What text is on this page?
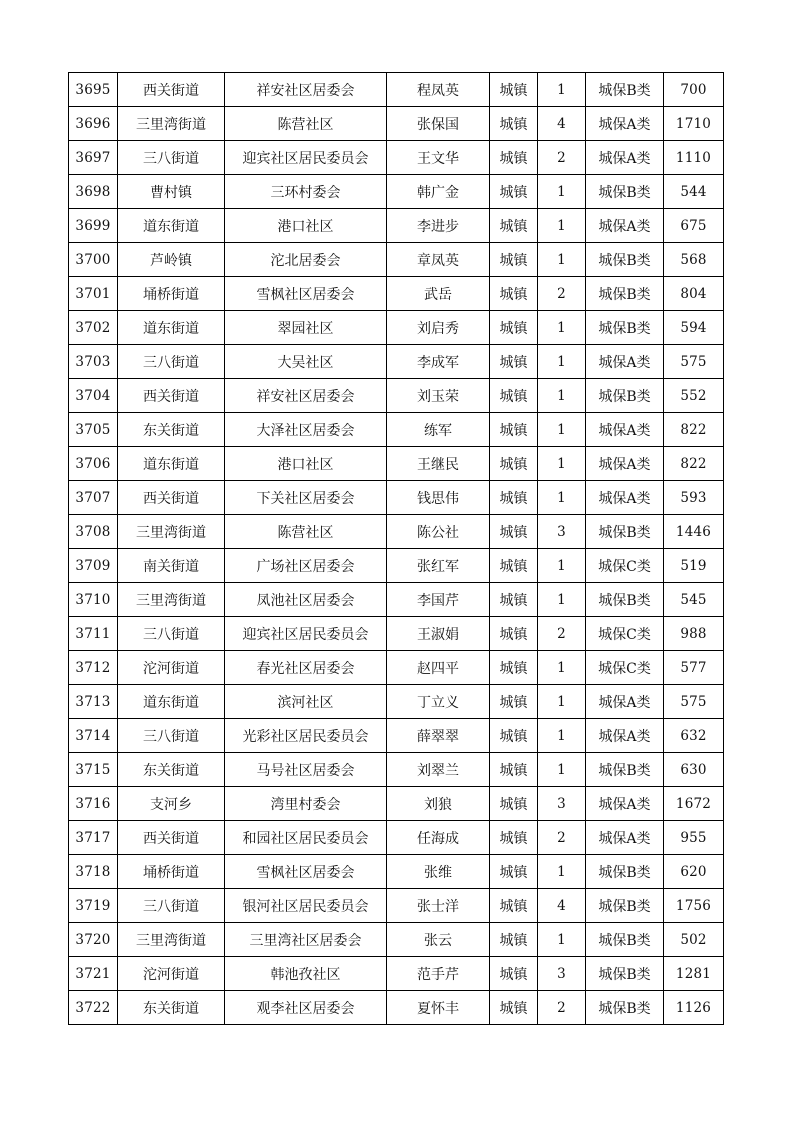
3695	西关街道	祥安社区居委会	程凤英	城镇	1	城保B类	700
3696	三里湾街道	陈营社区	张保国	城镇	4	城保A类	1710
3697	三八街道	迎宾社区居民委员会	王文华	城镇	2	城保A类	1110
3698	曹村镇	三环村委会	韩广金	城镇	1	城保B类	544
3699	道东街道	港口社区	李进步	城镇	1	城保A类	675
3700	芦岭镇	沱北居委会	章凤英	城镇	1	城保B类	568
3701	埇桥街道	雪枫社区居委会	武岳	城镇	2	城保B类	804
3702	道东街道	翠园社区	刘启秀	城镇	1	城保B类	594
3703	三八街道	大吴社区	李成军	城镇	1	城保A类	575
3704	西关街道	祥安社区居委会	刘玉荣	城镇	1	城保B类	552
3705	东关街道	大泽社区居委会	练军	城镇	1	城保A类	822
3706	道东街道	港口社区	王继民	城镇	1	城保A类	822
3707	西关街道	下关社区居委会	钱思伟	城镇	1	城保A类	593
3708	三里湾街道	陈营社区	陈公社	城镇	3	城保B类	1446
3709	南关街道	广场社区居委会	张红军	城镇	1	城保C类	519
3710	三里湾街道	凤池社区居委会	李国芹	城镇	1	城保B类	545
3711	三八街道	迎宾社区居民委员会	王淑娟	城镇	2	城保C类	988
3712	沱河街道	春光社区居委会	赵四平	城镇	1	城保C类	577
3713	道东街道	滨河社区	丁立义	城镇	1	城保A类	575
3714	三八街道	光彩社区居民委员会	薛翠翠	城镇	1	城保A类	632
3715	东关街道	马号社区居委会	刘翠兰	城镇	1	城保B类	630
3716	支河乡	湾里村委会	刘狼	城镇	3	城保A类	1672
3717	西关街道	和园社区居民委员会	任海成	城镇	2	城保A类	955
3718	埇桥街道	雪枫社区居委会	张维	城镇	1	城保B类	620
3719	三八街道	银河社区居民委员会	张士洋	城镇	4	城保B类	1756
3720	三里湾街道	三里湾社区居委会	张云	城镇	1	城保B类	502
3721	沱河街道	韩池孜社区	范手芹	城镇	3	城保B类	1281
3722	东关街道	观李社区居委会	夏怀丰	城镇	2	城保B类	1126
